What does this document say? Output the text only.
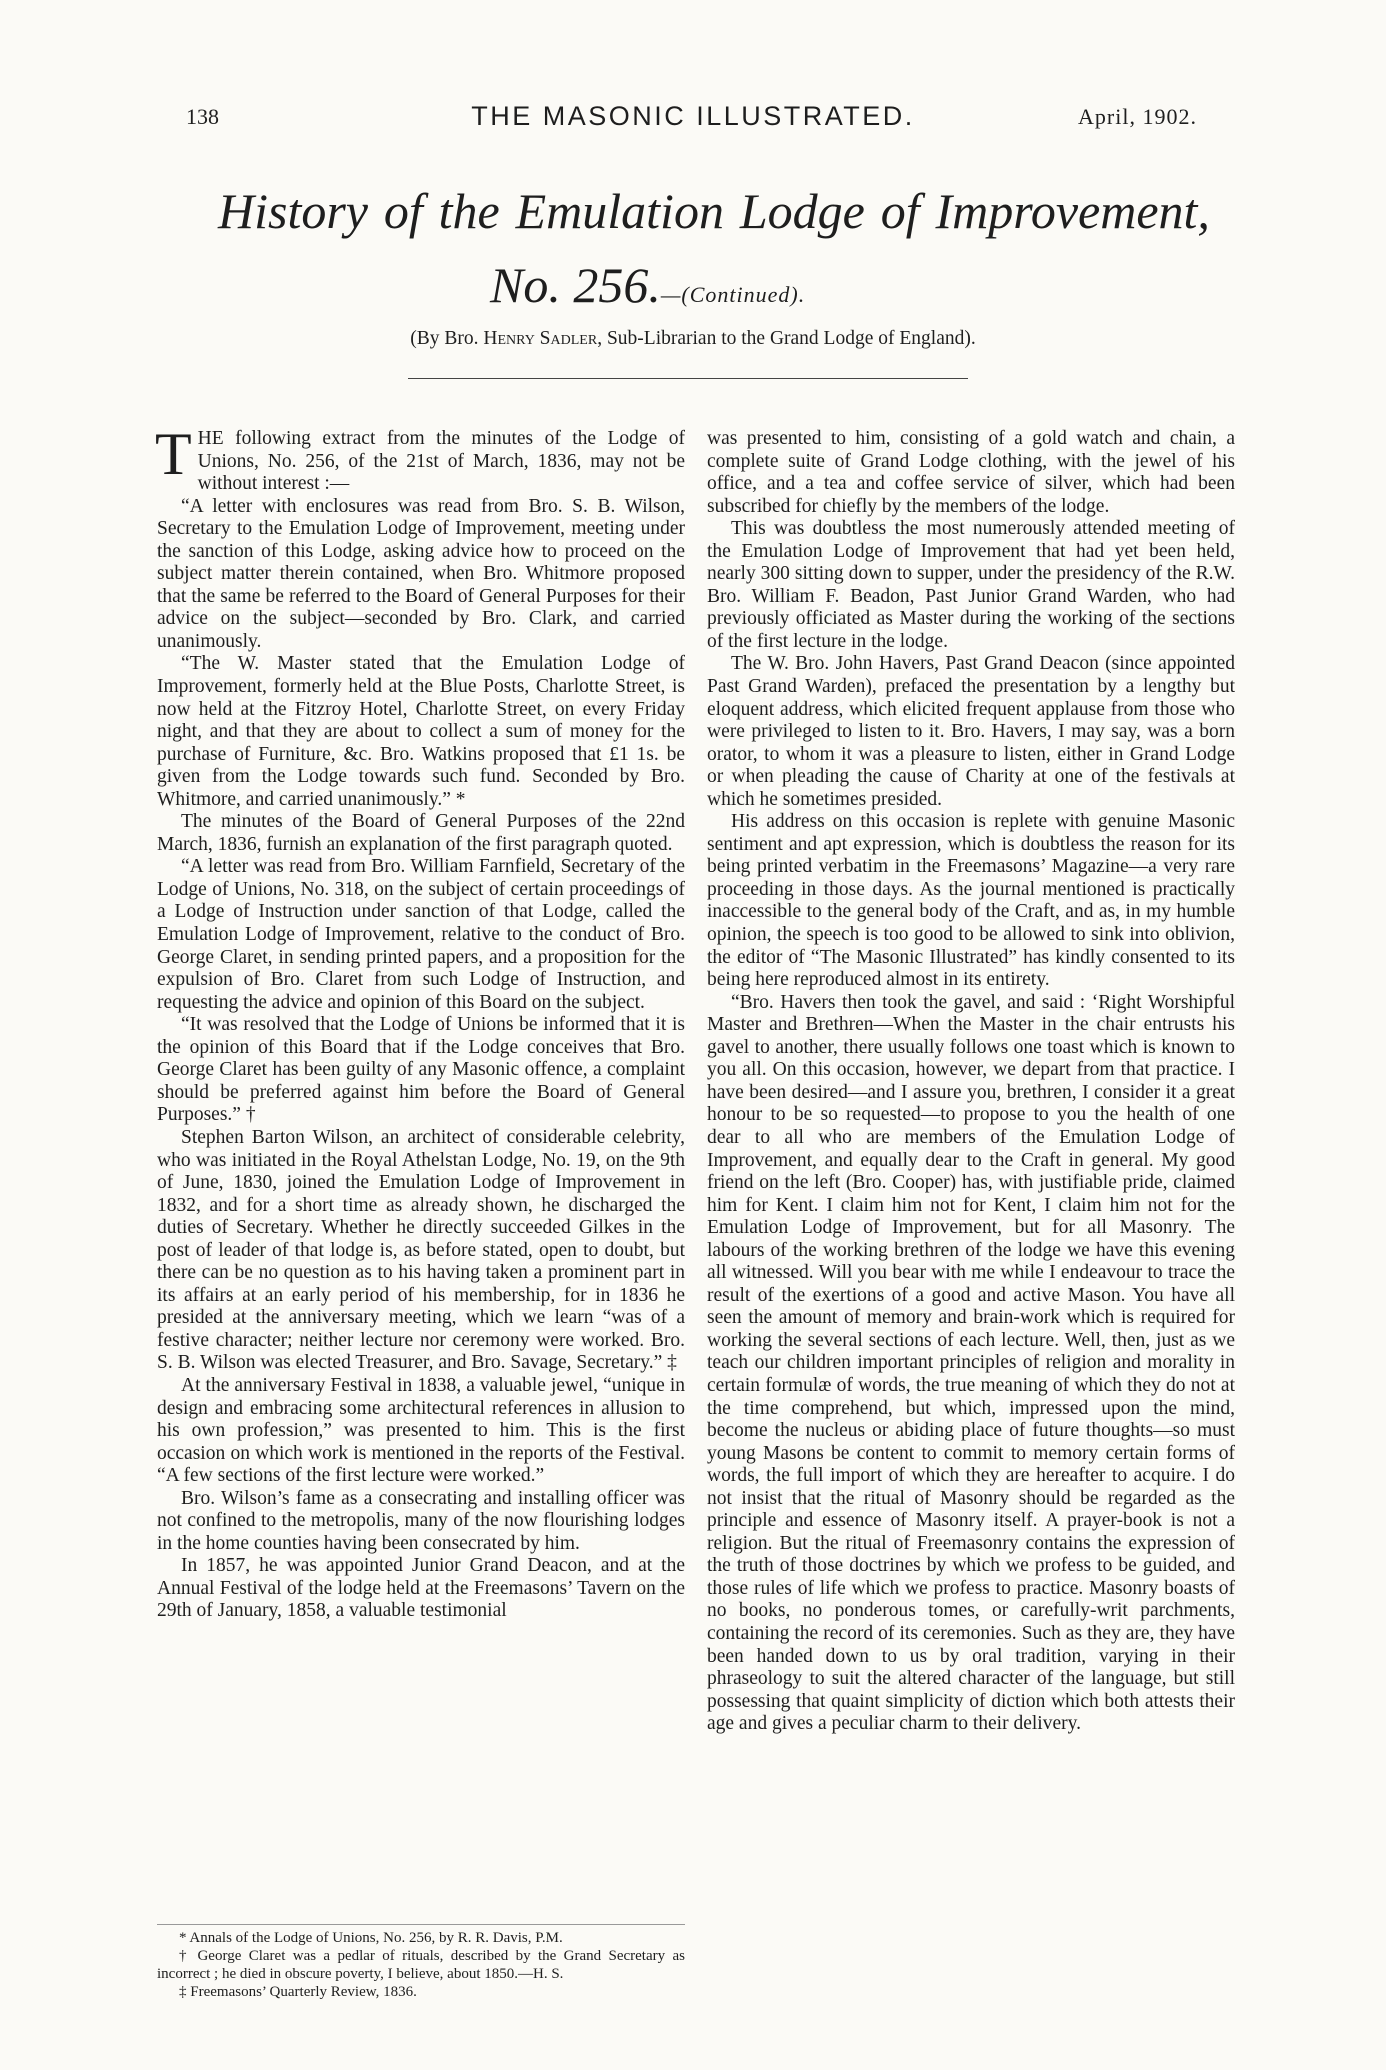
138	THE MASONIC ILLUSTRATED.	April, 1902.
History of the Emulation Lodge of Improvement,
No. 256.—(Continued).
(By Bro. Henry Sadler, Sub-Librarian to the Grand Lodge of England).

THE following extract from the minutes of the Lodge of Unions, No. 256, of the 21st of March, 1836, may not be without interest :—

“A letter with enclosures was read from Bro. S. B. Wilson, Secretary to the Emulation Lodge of Improvement, meeting under the sanction of this Lodge, asking advice how to proceed on the subject matter therein contained, when Bro. Whitmore proposed that the same be referred to the Board of General Purposes for their advice on the subject—seconded by Bro. Clark, and carried unanimously.

“The W. Master stated that the Emulation Lodge of Improvement, formerly held at the Blue Posts, Charlotte Street, is now held at the Fitzroy Hotel, Charlotte Street, on every Friday night, and that they are about to collect a sum of money for the purchase of Furniture, &c. Bro. Watkins proposed that £1 1s. be given from the Lodge towards such fund. Seconded by Bro. Whitmore, and carried unanimously.” *

The minutes of the Board of General Purposes of the 22nd March, 1836, furnish an explanation of the first paragraph quoted.

“A letter was read from Bro. William Farnfield, Secretary of the Lodge of Unions, No. 318, on the subject of certain proceedings of a Lodge of Instruction under sanction of that Lodge, called the Emulation Lodge of Improvement, relative to the conduct of Bro. George Claret, in sending printed papers, and a proposition for the expulsion of Bro. Claret from such Lodge of Instruction, and requesting the advice and opinion of this Board on the subject.

“It was resolved that the Lodge of Unions be informed that it is the opinion of this Board that if the Lodge conceives that Bro. George Claret has been guilty of any Masonic offence, a complaint should be preferred against him before the Board of General Purposes.” †

Stephen Barton Wilson, an architect of considerable celebrity, who was initiated in the Royal Athelstan Lodge, No. 19, on the 9th of June, 1830, joined the Emulation Lodge of Improvement in 1832, and for a short time as already shown, he discharged the duties of Secretary. Whether he directly succeeded Gilkes in the post of leader of that lodge is, as before stated, open to doubt, but there can be no question as to his having taken a prominent part in its affairs at an early period of his membership, for in 1836 he presided at the anniversary meeting, which we learn “was of a festive character; neither lecture nor ceremony were worked. Bro. S. B. Wilson was elected Treasurer, and Bro. Savage, Secretary.” ‡

At the anniversary Festival in 1838, a valuable jewel, “unique in design and embracing some architectural references in allusion to his own profession,” was presented to him. This is the first occasion on which work is mentioned in the reports of the Festival. “A few sections of the first lecture were worked.”

Bro. Wilson’s fame as a consecrating and installing officer was not confined to the metropolis, many of the now flourishing lodges in the home counties having been consecrated by him.

In 1857, he was appointed Junior Grand Deacon, and at the Annual Festival of the lodge held at the Freemasons’ Tavern on the 29th of January, 1858, a valuable testimonial

* Annals of the Lodge of Unions, No. 256, by R. R. Davis, P.M.

† George Claret was a pedlar of rituals, described by the Grand Secretary as incorrect ; he died in obscure poverty, I believe, about 1850.—H. S.

‡ Freemasons’ Quarterly Review, 1836.

was presented to him, consisting of a gold watch and chain, a complete suite of Grand Lodge clothing, with the jewel of his office, and a tea and coffee service of silver, which had been subscribed for chiefly by the members of the lodge.

This was doubtless the most numerously attended meeting of the Emulation Lodge of Improvement that had yet been held, nearly 300 sitting down to supper, under the presidency of the R.W. Bro. William F. Beadon, Past Junior Grand Warden, who had previously officiated as Master during the working of the sections of the first lecture in the lodge.

The W. Bro. John Havers, Past Grand Deacon (since appointed Past Grand Warden), prefaced the presentation by a lengthy but eloquent address, which elicited frequent applause from those who were privileged to listen to it. Bro. Havers, I may say, was a born orator, to whom it was a pleasure to listen, either in Grand Lodge or when pleading the cause of Charity at one of the festivals at which he sometimes presided.

His address on this occasion is replete with genuine Masonic sentiment and apt expression, which is doubtless the reason for its being printed verbatim in the Freemasons’ Magazine—a very rare proceeding in those days. As the journal mentioned is practically inaccessible to the general body of the Craft, and as, in my humble opinion, the speech is too good to be allowed to sink into oblivion, the editor of “The Masonic Illustrated” has kindly consented to its being here reproduced almost in its entirety.

“Bro. Havers then took the gavel, and said : ‘Right Worshipful Master and Brethren—When the Master in the chair entrusts his gavel to another, there usually follows one toast which is known to you all. On this occasion, however, we depart from that practice. I have been desired—and I assure you, brethren, I consider it a great honour to be so requested—to propose to you the health of one dear to all who are members of the Emulation Lodge of Improvement, and equally dear to the Craft in general. My good friend on the left (Bro. Cooper) has, with justifiable pride, claimed him for Kent. I claim him not for Kent, I claim him not for the Emulation Lodge of Improvement, but for all Masonry. The labours of the working brethren of the lodge we have this evening all witnessed. Will you bear with me while I endeavour to trace the result of the exertions of a good and active Mason. You have all seen the amount of memory and brain-work which is required for working the several sections of each lecture. Well, then, just as we teach our children important principles of religion and morality in certain formulæ of words, the true meaning of which they do not at the time comprehend, but which, impressed upon the mind, become the nucleus or abiding place of future thoughts—so must young Masons be content to commit to memory certain forms of words, the full import of which they are hereafter to acquire. I do not insist that the ritual of Masonry should be regarded as the principle and essence of Masonry itself. A prayer-book is not a religion. But the ritual of Freemasonry contains the expression of the truth of those doctrines by which we profess to be guided, and those rules of life which we profess to practice. Masonry boasts of no books, no ponderous tomes, or carefully-writ parchments, containing the record of its ceremonies. Such as they are, they have been handed down to us by oral tradition, varying in their phraseology to suit the altered character of the language, but still possessing that quaint simplicity of diction which both attests their age and gives a peculiar charm to their delivery.
